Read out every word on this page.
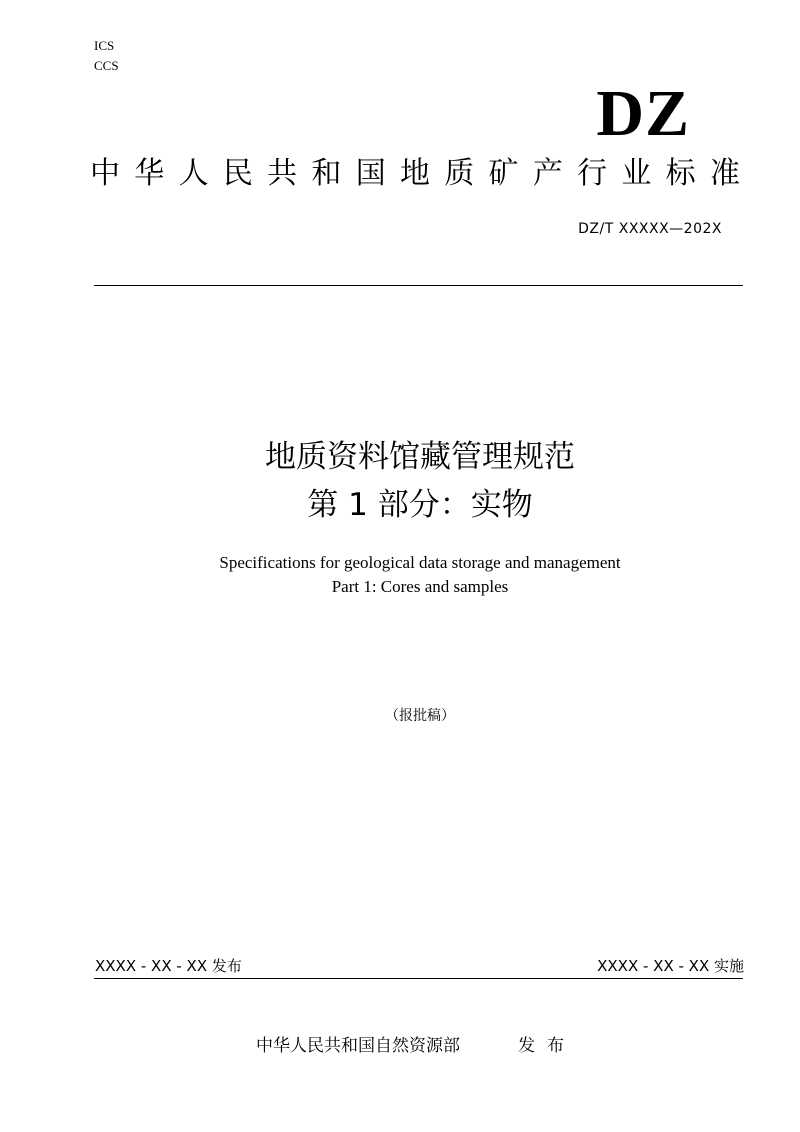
ICS
CCS
DZ
中 华 人 民 共 和 国 地 质 矿 产 行 业 标 准
DZ/T XXXXX—202X
地质资料馆藏管理规范
第 1 部分：实物
Specifications for geological data storage and management
Part 1: Cores and samples
（报批稿）
XXXX - XX - XX 发布	XXXX - XX - XX 实施
中华人民共和国自然资源部	发布
